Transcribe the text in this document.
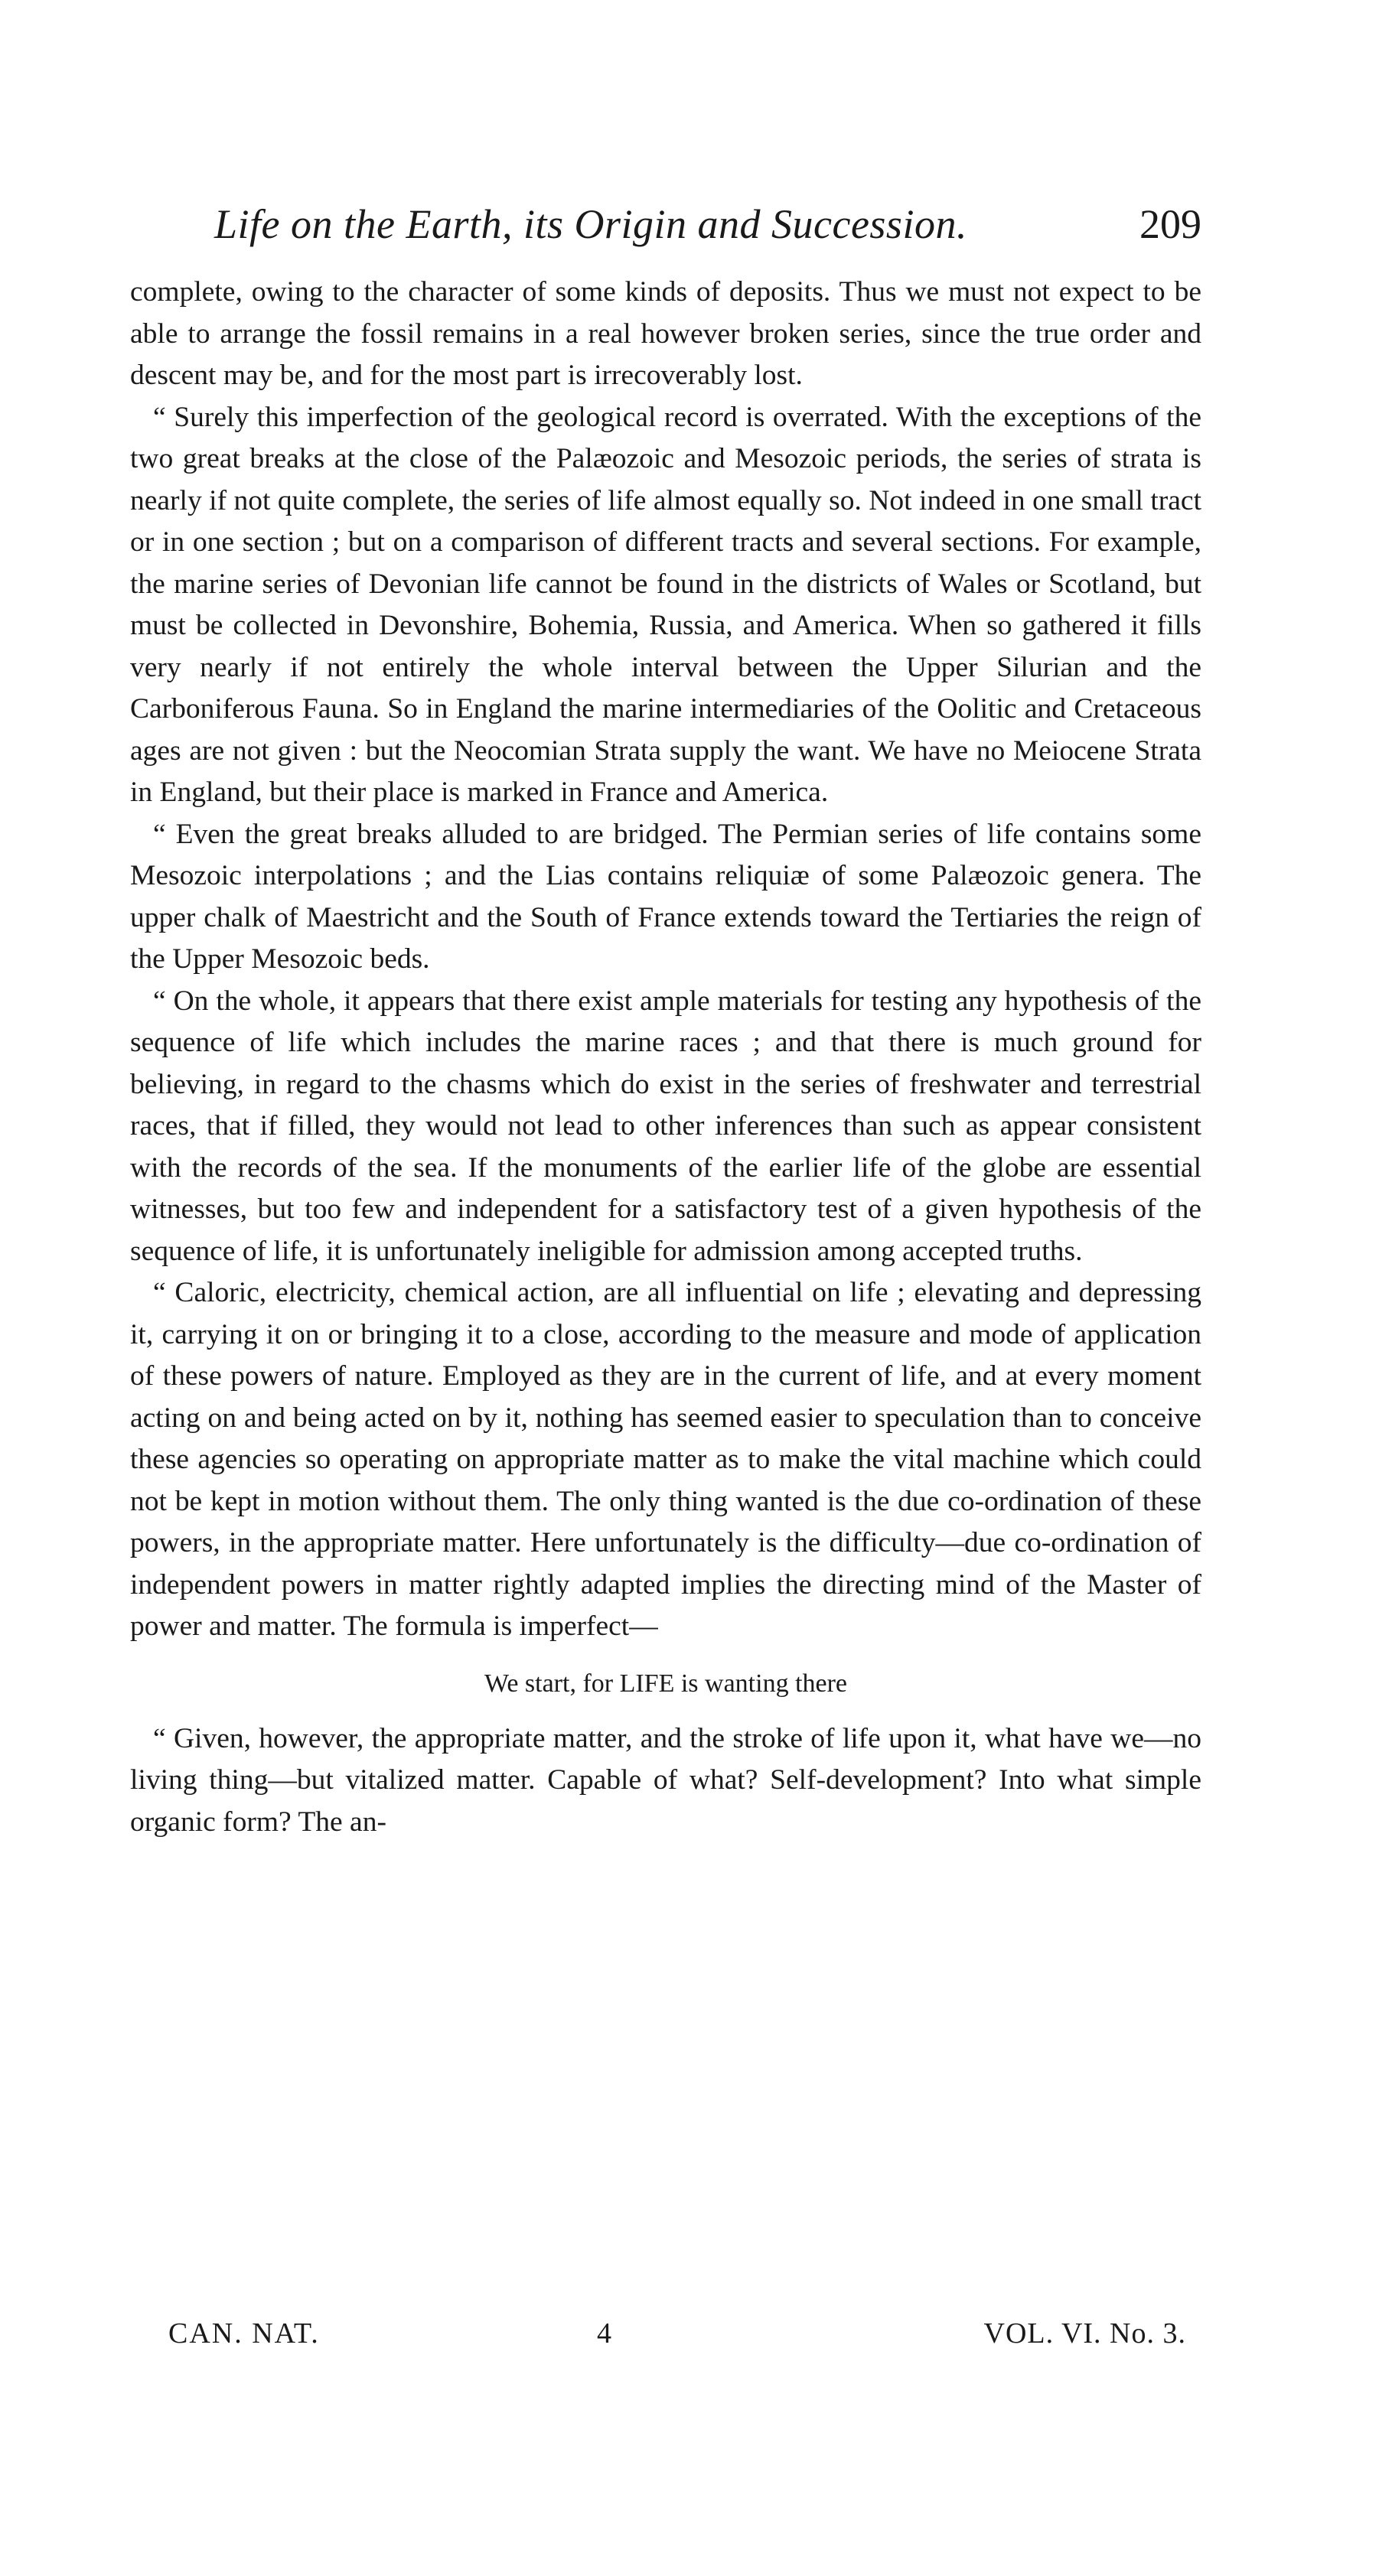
Life on the Earth, its Origin and Succession.	209

complete, owing to the character of some kinds of deposits. Thus we must not expect to be able to arrange the fossil remains in a real however broken series, since the true order and descent may be, and for the most part is irrecoverably lost.

“ Surely this imperfection of the geological record is overrated. With the exceptions of the two great breaks at the close of the Palæozoic and Mesozoic periods, the series of strata is nearly if not quite complete, the series of life almost equally so. Not indeed in one small tract or in one section ; but on a comparison of different tracts and several sections. For example, the marine series of Devonian life cannot be found in the districts of Wales or Scotland, but must be collected in Devonshire, Bohemia, Russia, and America. When so gathered it fills very nearly if not entirely the whole interval between the Upper Silurian and the Carboniferous Fauna. So in England the marine intermediaries of the Oolitic and Cretaceous ages are not given : but the Neocomian Strata supply the want. We have no Meiocene Strata in England, but their place is marked in France and America.

“ Even the great breaks alluded to are bridged. The Permian series of life contains some Mesozoic interpolations ; and the Lias contains reliquiæ of some Palæozoic genera. The upper chalk of Maestricht and the South of France extends toward the Tertiaries the reign of the Upper Mesozoic beds.

“ On the whole, it appears that there exist ample materials for testing any hypothesis of the sequence of life which includes the marine races ; and that there is much ground for believing, in regard to the chasms which do exist in the series of freshwater and terrestrial races, that if filled, they would not lead to other inferences than such as appear consistent with the records of the sea. If the monuments of the earlier life of the globe are essential witnesses, but too few and independent for a satisfactory test of a given hypothesis of the sequence of life, it is unfortunately ineligible for admission among accepted truths.

“ Caloric, electricity, chemical action, are all influential on life ; elevating and depressing it, carrying it on or bringing it to a close, according to the measure and mode of application of these powers of nature. Employed as they are in the current of life, and at every moment acting on and being acted on by it, nothing has seemed easier to speculation than to conceive these agencies so operating on appropriate matter as to make the vital machine which could not be kept in motion without them. The only thing wanted is the due co-ordination of these powers, in the appropriate matter. Here unfortunately is the difficulty—due co-ordination of independent powers in matter rightly adapted implies the directing mind of the Master of power and matter. The formula is imperfect—

We start, for LIFE is wanting there

“ Given, however, the appropriate matter, and the stroke of life upon it, what have we—no living thing—but vitalized matter. Capable of what? Self-development? Into what simple organic form? The an-

CAN. NAT.	4	VOL. VI. No. 3.
